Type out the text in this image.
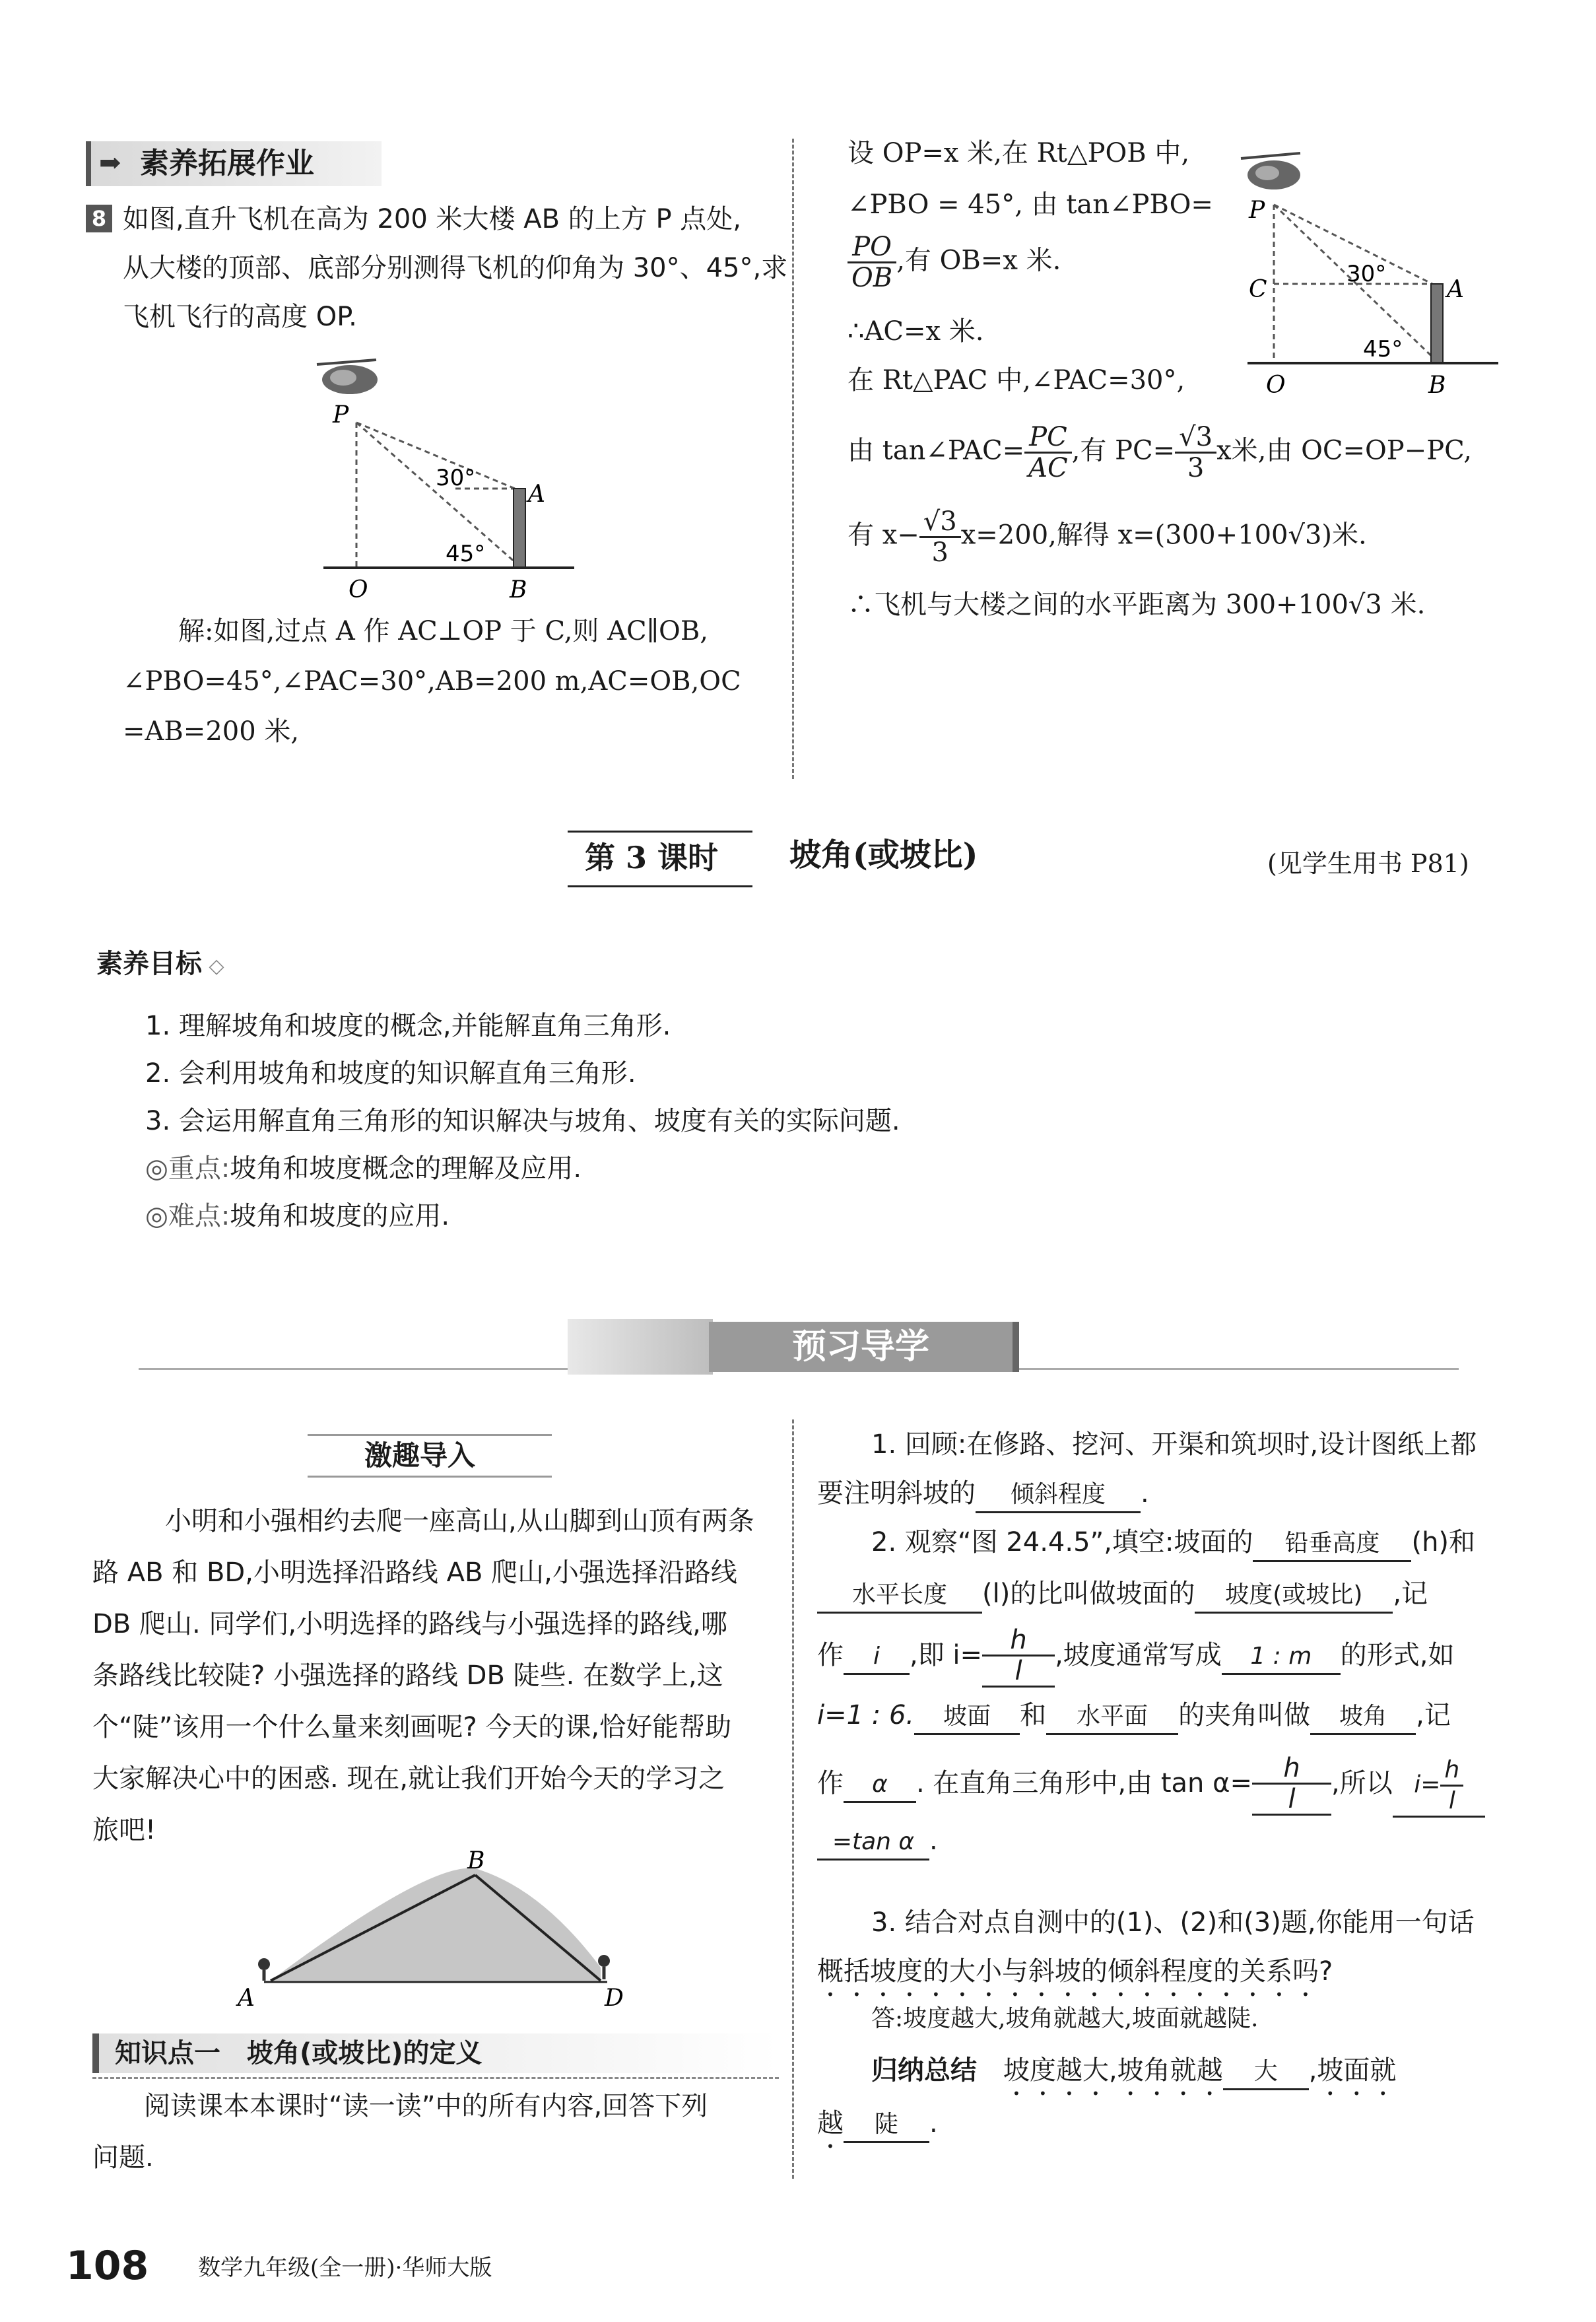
➡ 素养拓展作业
8 如图,直升飞机在高为 200 米大楼 AB 的上方 P 点处,
从大楼的顶部、底部分别测得飞机的仰角为 30°、45°,求
飞机飞行的高度 OP.
P
A
O	B
30°
45°
解:如图,过点 A 作 AC⊥OP 于 C,则 AC∥OB,
∠PBO=45°,∠PAC=30°,AB=200 m,AC=OB,OC
=AB=200 米,
设 OP=x 米,在 Rt△POB 中,
∠PBO = 45°, 由 tan∠PBO=
$\frac{PO}{OB}$ ,有 OB=x 米.
∴AC=x 米.
在 Rt△PAC 中,∠PAC=30°,
由 tan∠PAC= $\frac{PC}{AC}$ ,有 $PC= \frac{√3}{3}$ x米,由 OC=OP−PC,
有 $x- \frac{√3}{3} x=200$,解得 x=(300+100√3)米.
∴飞机与大楼之间的水平距离为 300+100√3 米.
P
C	A
O	B
30°
45°
第 3 课时 坡角(或坡比)	(见学生用书 P81)
素养目标 ◇
1. 理解坡角和坡度的概念,并能解直角三角形.
2. 会利用坡角和坡度的知识解直角三角形.
3. 会运用解直角三角形的知识解决与坡角、坡度有关的实际问题.
◎重点:坡角和坡度概念的理解及应用.
◎难点:坡角和坡度的应用.
预习导学
激趣导入
小明和小强相约去爬一座高山,从山脚到山顶有两条
路 AB 和 BD,小明选择沿路线 AB 爬山,小强选择沿路线
DB 爬山. 同学们,小明选择的路线与小强选择的路线,哪
条路线比较陡? 小强选择的路线 DB 陡些. 在数学上,这
个“陡”该用一个什么量来刻画呢? 今天的课,恰好能帮助
大家解决心中的困惑. 现在,就让我们开始今天的学习之
旅吧!
B
A	D
知识点一　坡角(或坡比)的定义
阅读课本本课时“读一读”中的所有内容,回答下列
问题.
1. 回顾:在修路、挖河、开渠和筑坝时,设计图纸上都
要注明斜坡的 倾斜程度 .
2. 观察“图 24.4.5”,填空:坡面的 铅垂高度 (h)和
水平长度 (l)的比叫做坡面的 坡度(或坡比) ,记
作 i ,即 $i= \frac{h}{l}$ ,坡度通常写成 1 : m 的形式,如
i=1 : 6. 坡面 和 水平面 的夹角叫做 坡角 ,记
作 α . 在直角三角形中,由 $\tan \alpha= \frac{h}{l}$ ,所以 $i= \frac{h}{l}$
=tan α .
3. 结合对点自测中的(1)、(2)和(3)题,你能用一句话
概括坡度的大小与斜坡的倾斜程度的关系吗?
答:坡度越大,坡角就越大,坡面就越陡.
归纳总结　 坡度越大,坡角就越 大 ,坡面就
越 陡 .
108 数学九年级(全一册)·华师大版
